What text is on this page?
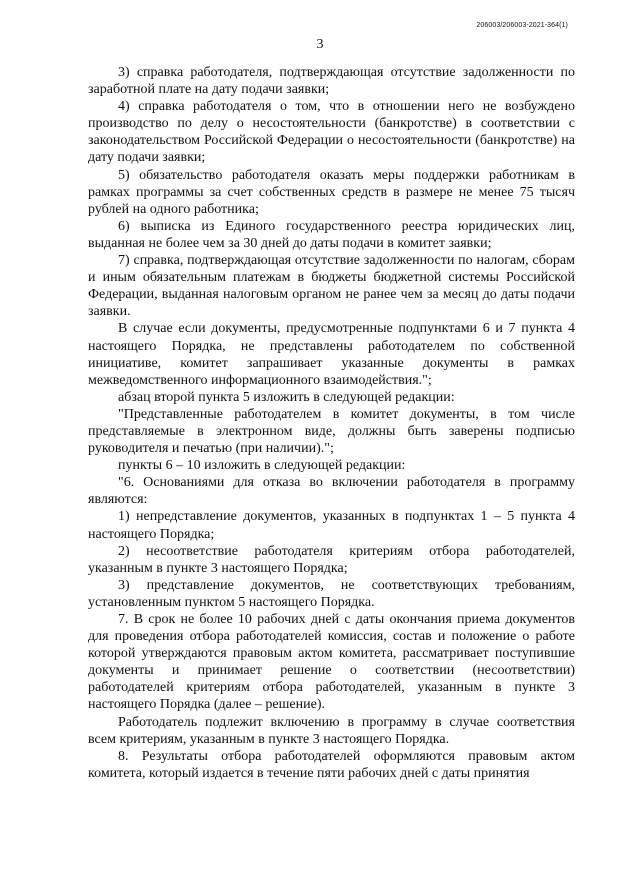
206003/206003-2021-364(1)
3

3) справка работодателя, подтверждающая отсутствие задолженности по заработной плате на дату подачи заявки;

4) справка работодателя о том, что в отношении него не возбуждено производство по делу о несостоятельности (банкротстве) в соответствии с законодательством Российской Федерации о несостоятельности (банкротстве) на дату подачи заявки;

5) обязательство работодателя оказать меры поддержки работникам в рамках программы за счет собственных средств в размере не менее 75 тысяч рублей на одного работника;

6) выписка из Единого государственного реестра юридических лиц, выданная не более чем за 30 дней до даты подачи в комитет заявки;

7) справка, подтверждающая отсутствие задолженности по налогам, сборам и иным обязательным платежам в бюджеты бюджетной системы Российской Федерации, выданная налоговым органом не ранее чем за месяц до даты подачи заявки.

В случае если документы, предусмотренные подпунктами 6 и 7 пункта 4 настоящего Порядка, не представлены работодателем по собственной инициативе, комитет запрашивает указанные документы в рамках межведомственного информационного взаимодействия.";

абзац второй пункта 5 изложить в следующей редакции:

"Представленные работодателем в комитет документы, в том числе представляемые в электронном виде, должны быть заверены подписью руководителя и печатью (при наличии).";

пункты 6 – 10 изложить в следующей редакции:

"6. Основаниями для отказа во включении работодателя в программу являются:

1) непредставление документов, указанных в подпунктах 1 – 5 пункта 4 настоящего Порядка;

2) несоответствие работодателя критериям отбора работодателей, указанным в пункте 3 настоящего Порядка;

3) представление документов, не соответствующих требованиям, установленным пунктом 5 настоящего Порядка.

7. В срок не более 10 рабочих дней с даты окончания приема документов для проведения отбора работодателей комиссия, состав и положение о работе которой утверждаются правовым актом комитета, рассматривает поступившие документы и принимает решение о соответствии (несоответствии) работодателей критериям отбора работодателей, указанным в пункте 3 настоящего Порядка (далее – решение).

Работодатель подлежит включению в программу в случае соответствия всем критериям, указанным в пункте 3 настоящего Порядка.

8. Результаты отбора работодателей оформляются правовым актом комитета, который издается в течение пяти рабочих дней с даты принятия
